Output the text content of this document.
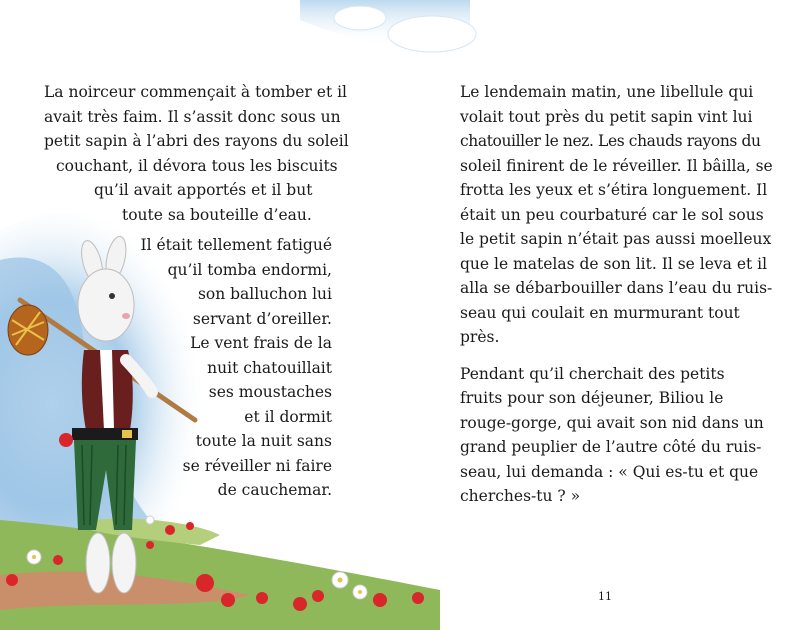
La noirceur commençait à tomber et il
avait très faim. Il s’assit donc sous un
petit sapin à l’abri des rayons du soleil
couchant, il dévora tous les biscuits
qu’il avait apportés et il but
toute sa bouteille d’eau.
Il était tellement fatigué
qu’il tomba endormi,
son balluchon lui
servant d’oreiller.
Le vent frais de la
nuit chatouillait
ses moustaches
et il dormit
toute la nuit sans
se réveiller ni faire
de cauchemar.

Le lendemain matin, une libellule qui
volait tout près du petit sapin vint lui
chatouiller le nez. Les chauds rayons du
soleil finirent de le réveiller. Il bâilla, se
frotta les yeux et s’étira longuement. Il
était un peu courbaturé car le sol sous
le petit sapin n’était pas aussi moelleux
que le matelas de son lit. Il se leva et il
alla se débarbouiller dans l’eau du ruis-
seau qui coulait en murmurant tout
près.

Pendant qu’il cherchait des petits
fruits pour son déjeuner, Biliou le
rouge-gorge, qui avait son nid dans un
grand peuplier de l’autre côté du ruis-
seau, lui demanda : « Qui es-tu et que
cherches-tu ? »

11
